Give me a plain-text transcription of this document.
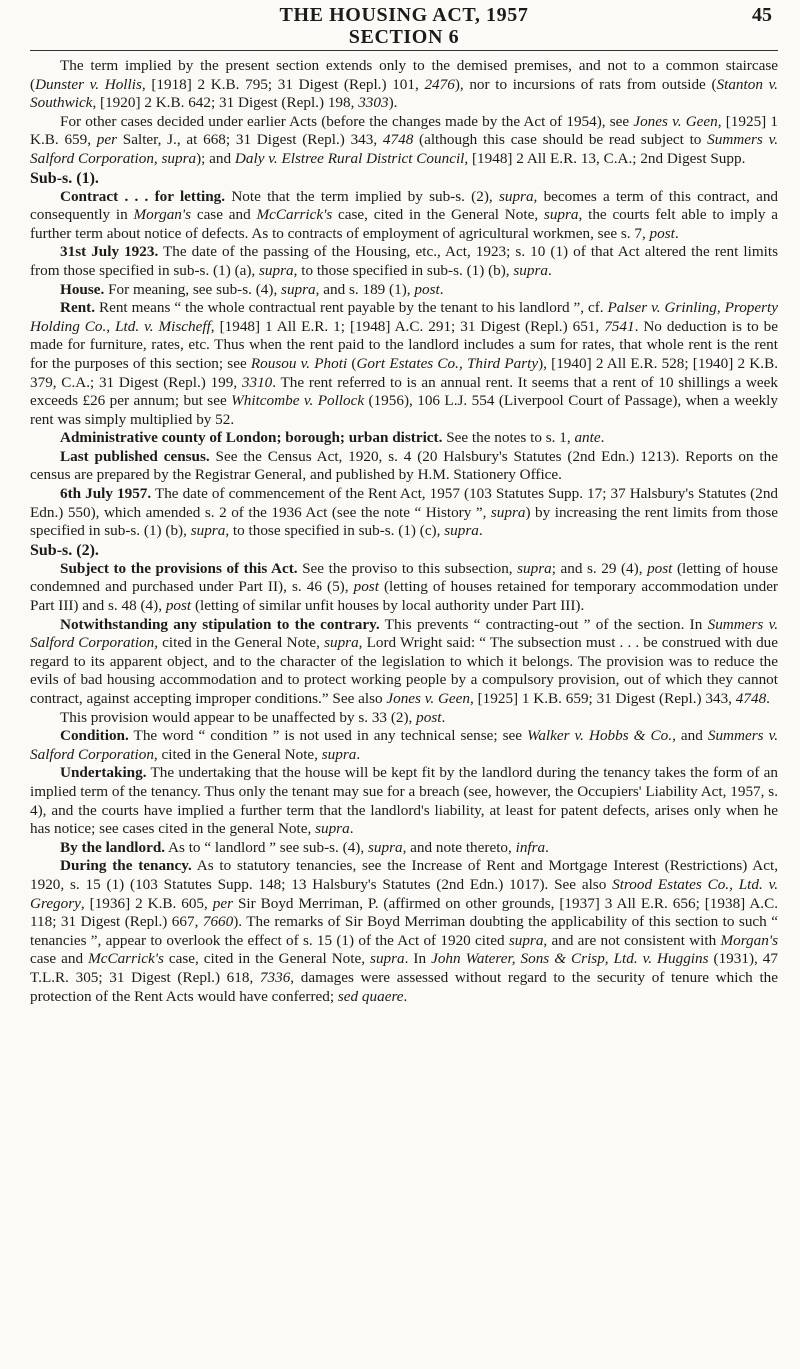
THE HOUSING ACT, 1957	45
SECTION 6

The term implied by the present section extends only to the demised premises, and not to a common staircase (Dunster v. Hollis, [1918] 2 K.B. 795; 31 Digest (Repl.) 101, 2476), nor to incursions of rats from outside (Stanton v. Southwick, [1920] 2 K.B. 642; 31 Digest (Repl.) 198, 3303).

For other cases decided under earlier Acts (before the changes made by the Act of 1954), see Jones v. Geen, [1925] 1 K.B. 659, per Salter, J., at 668; 31 Digest (Repl.) 343, 4748 (although this case should be read subject to Summers v. Salford Corporation, supra); and Daly v. Elstree Rural District Council, [1948] 2 All E.R. 13, C.A.; 2nd Digest Supp.

Sub-s. (1).

Contract . . . for letting. Note that the term implied by sub-s. (2), supra, becomes a term of this contract, and consequently in Morgan's case and McCarrick's case, cited in the General Note, supra, the courts felt able to imply a further term about notice of defects. As to contracts of employment of agricultural workmen, see s. 7, post.

31st July 1923. The date of the passing of the Housing, etc., Act, 1923; s. 10 (1) of that Act altered the rent limits from those specified in sub-s. (1) (a), supra, to those specified in sub-s. (1) (b), supra.

House. For meaning, see sub-s. (4), supra, and s. 189 (1), post.

Rent. Rent means “ the whole contractual rent payable by the tenant to his landlord ”, cf. Palser v. Grinling, Property Holding Co., Ltd. v. Mischeff, [1948] 1 All E.R. 1; [1948] A.C. 291; 31 Digest (Repl.) 651, 7541. No deduction is to be made for furniture, rates, etc. Thus when the rent paid to the landlord includes a sum for rates, that whole rent is the rent for the purposes of this section; see Rousou v. Photi (Gort Estates Co., Third Party), [1940] 2 All E.R. 528; [1940] 2 K.B. 379, C.A.; 31 Digest (Repl.) 199, 3310. The rent referred to is an annual rent. It seems that a rent of 10 shillings a week exceeds £26 per annum; but see Whitcombe v. Pollock (1956), 106 L.J. 554 (Liverpool Court of Passage), when a weekly rent was simply multiplied by 52.

Administrative county of London; borough; urban district. See the notes to s. 1, ante.

Last published census. See the Census Act, 1920, s. 4 (20 Halsbury's Statutes (2nd Edn.) 1213). Reports on the census are prepared by the Registrar General, and published by H.M. Stationery Office.

6th July 1957. The date of commencement of the Rent Act, 1957 (103 Statutes Supp. 17; 37 Halsbury's Statutes (2nd Edn.) 550), which amended s. 2 of the 1936 Act (see the note “ History ”, supra) by increasing the rent limits from those specified in sub-s. (1) (b), supra, to those specified in sub-s. (1) (c), supra.

Sub-s. (2).

Subject to the provisions of this Act. See the proviso to this subsection, supra; and s. 29 (4), post (letting of house condemned and purchased under Part II), s. 46 (5), post (letting of houses retained for temporary accommodation under Part III) and s. 48 (4), post (letting of similar unfit houses by local authority under Part III).

Notwithstanding any stipulation to the contrary. This prevents “ contracting-out ” of the section. In Summers v. Salford Corporation, cited in the General Note, supra, Lord Wright said: “ The subsection must . . . be construed with due regard to its apparent object, and to the character of the legislation to which it belongs. The provision was to reduce the evils of bad housing accommodation and to protect working people by a compulsory provision, out of which they cannot contract, against accepting improper conditions.” See also Jones v. Geen, [1925] 1 K.B. 659; 31 Digest (Repl.) 343, 4748.

This provision would appear to be unaffected by s. 33 (2), post.

Condition. The word “ condition ” is not used in any technical sense; see Walker v. Hobbs & Co., and Summers v. Salford Corporation, cited in the General Note, supra.

Undertaking. The undertaking that the house will be kept fit by the landlord during the tenancy takes the form of an implied term of the tenancy. Thus only the tenant may sue for a breach (see, however, the Occupiers' Liability Act, 1957, s. 4), and the courts have implied a further term that the landlord's liability, at least for patent defects, arises only when he has notice; see cases cited in the general Note, supra.

By the landlord. As to “ landlord ” see sub-s. (4), supra, and note thereto, infra.

During the tenancy. As to statutory tenancies, see the Increase of Rent and Mortgage Interest (Restrictions) Act, 1920, s. 15 (1) (103 Statutes Supp. 148; 13 Halsbury's Statutes (2nd Edn.) 1017). See also Strood Estates Co., Ltd. v. Gregory, [1936] 2 K.B. 605, per Sir Boyd Merriman, P. (affirmed on other grounds, [1937] 3 All E.R. 656; [1938] A.C. 118; 31 Digest (Repl.) 667, 7660). The remarks of Sir Boyd Merriman doubting the applicability of this section to such “ tenancies ”, appear to overlook the effect of s. 15 (1) of the Act of 1920 cited supra, and are not consistent with Morgan's case and McCarrick's case, cited in the General Note, supra. In John Waterer, Sons & Crisp, Ltd. v. Huggins (1931), 47 T.L.R. 305; 31 Digest (Repl.) 618, 7336, damages were assessed without regard to the security of tenure which the protection of the Rent Acts would have conferred; sed quaere.
